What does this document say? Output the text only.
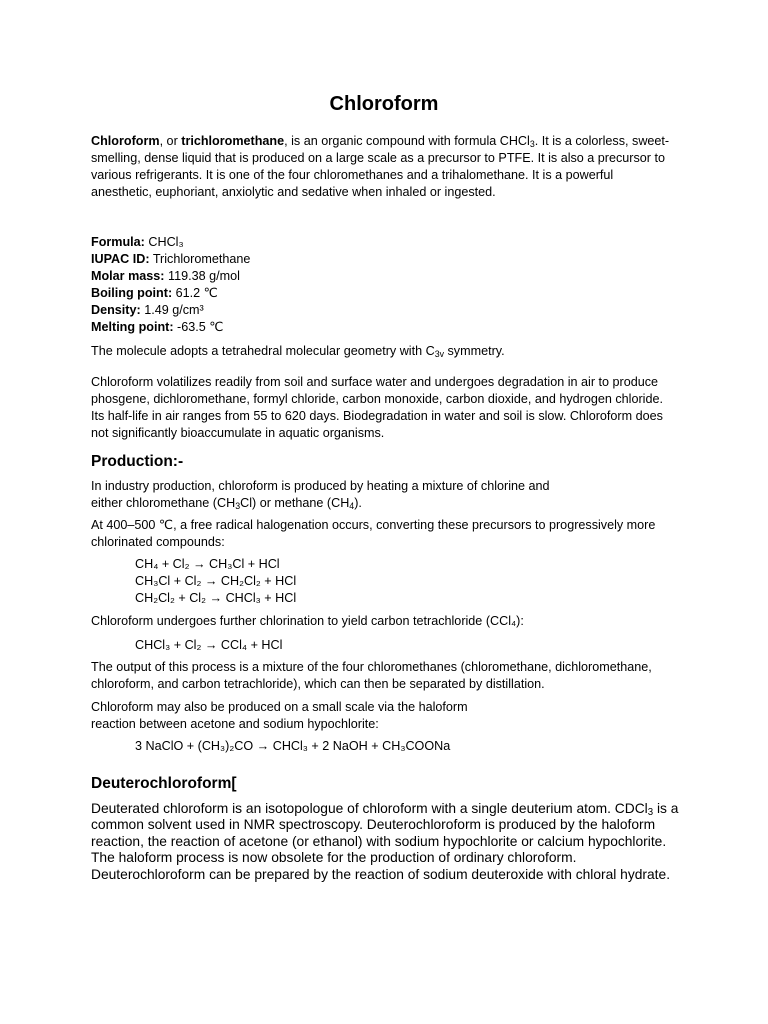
Chloroform

Chloroform, or trichloromethane, is an organic compound with formula CHCl$_3$. It is a colorless, sweet-smelling, dense liquid that is produced on a large scale as a precursor to PTFE. It is also a precursor to various refrigerants. It is one of the four chloromethanes and a trihalomethane. It is a powerful anesthetic, euphoriant, anxiolytic and sedative when inhaled or ingested.

Formula: CHCl₃
IUPAC ID: Trichloromethane
Molar mass: 119.38 g/mol
Boiling point: 61.2 ℃
Density: 1.49 g/cm³
Melting point: -63.5 ℃

The molecule adopts a tetrahedral molecular geometry with $C_{3v}$ symmetry.

Chloroform volatilizes readily from soil and surface water and undergoes degradation in air to produce phosgene, dichloromethane, formyl chloride, carbon monoxide, carbon dioxide, and hydrogen chloride. Its half-life in air ranges from 55 to 620 days. Biodegradation in water and soil is slow. Chloroform does not significantly bioaccumulate in aquatic organisms.

Production:-

In industry production, chloroform is produced by heating a mixture of chlorine and either chloromethane $(CH_3Cl)$ or methane $(CH_4)$.

At 400–500 ℃, a free radical halogenation occurs, converting these precursors to progressively more chlorinated compounds:

CH₄ + Cl₂ → CH₃Cl + HCl
CH₃Cl + Cl₂ → CH₂Cl₂ + HCl
CH₂Cl₂ + Cl₂ → CHCl₃ + HCl

Chloroform undergoes further chlorination to yield carbon tetrachloride (CCl₄):

CHCl₃ + Cl₂ → CCl₄ + HCl

The output of this process is a mixture of the four chloromethanes (chloromethane, dichloromethane, chloroform, and carbon tetrachloride), which can then be separated by distillation.

Chloroform may also be produced on a small scale via the haloform reaction between acetone and sodium hypochlorite:

3 NaClO + (CH₃)₂CO → CHCl₃ + 2 NaOH + CH₃COONa
Deuterochloroform[

Deuterated chloroform is an isotopologue of chloroform with a single deuterium atom. CDCl$_3$ is a common solvent used in NMR spectroscopy. Deuterochloroform is produced by the haloform reaction, the reaction of acetone (or ethanol) with sodium hypochlorite or calcium hypochlorite. The haloform process is now obsolete for the production of ordinary chloroform. Deuterochloroform can be prepared by the reaction of sodium deuteroxide with chloral hydrate.
